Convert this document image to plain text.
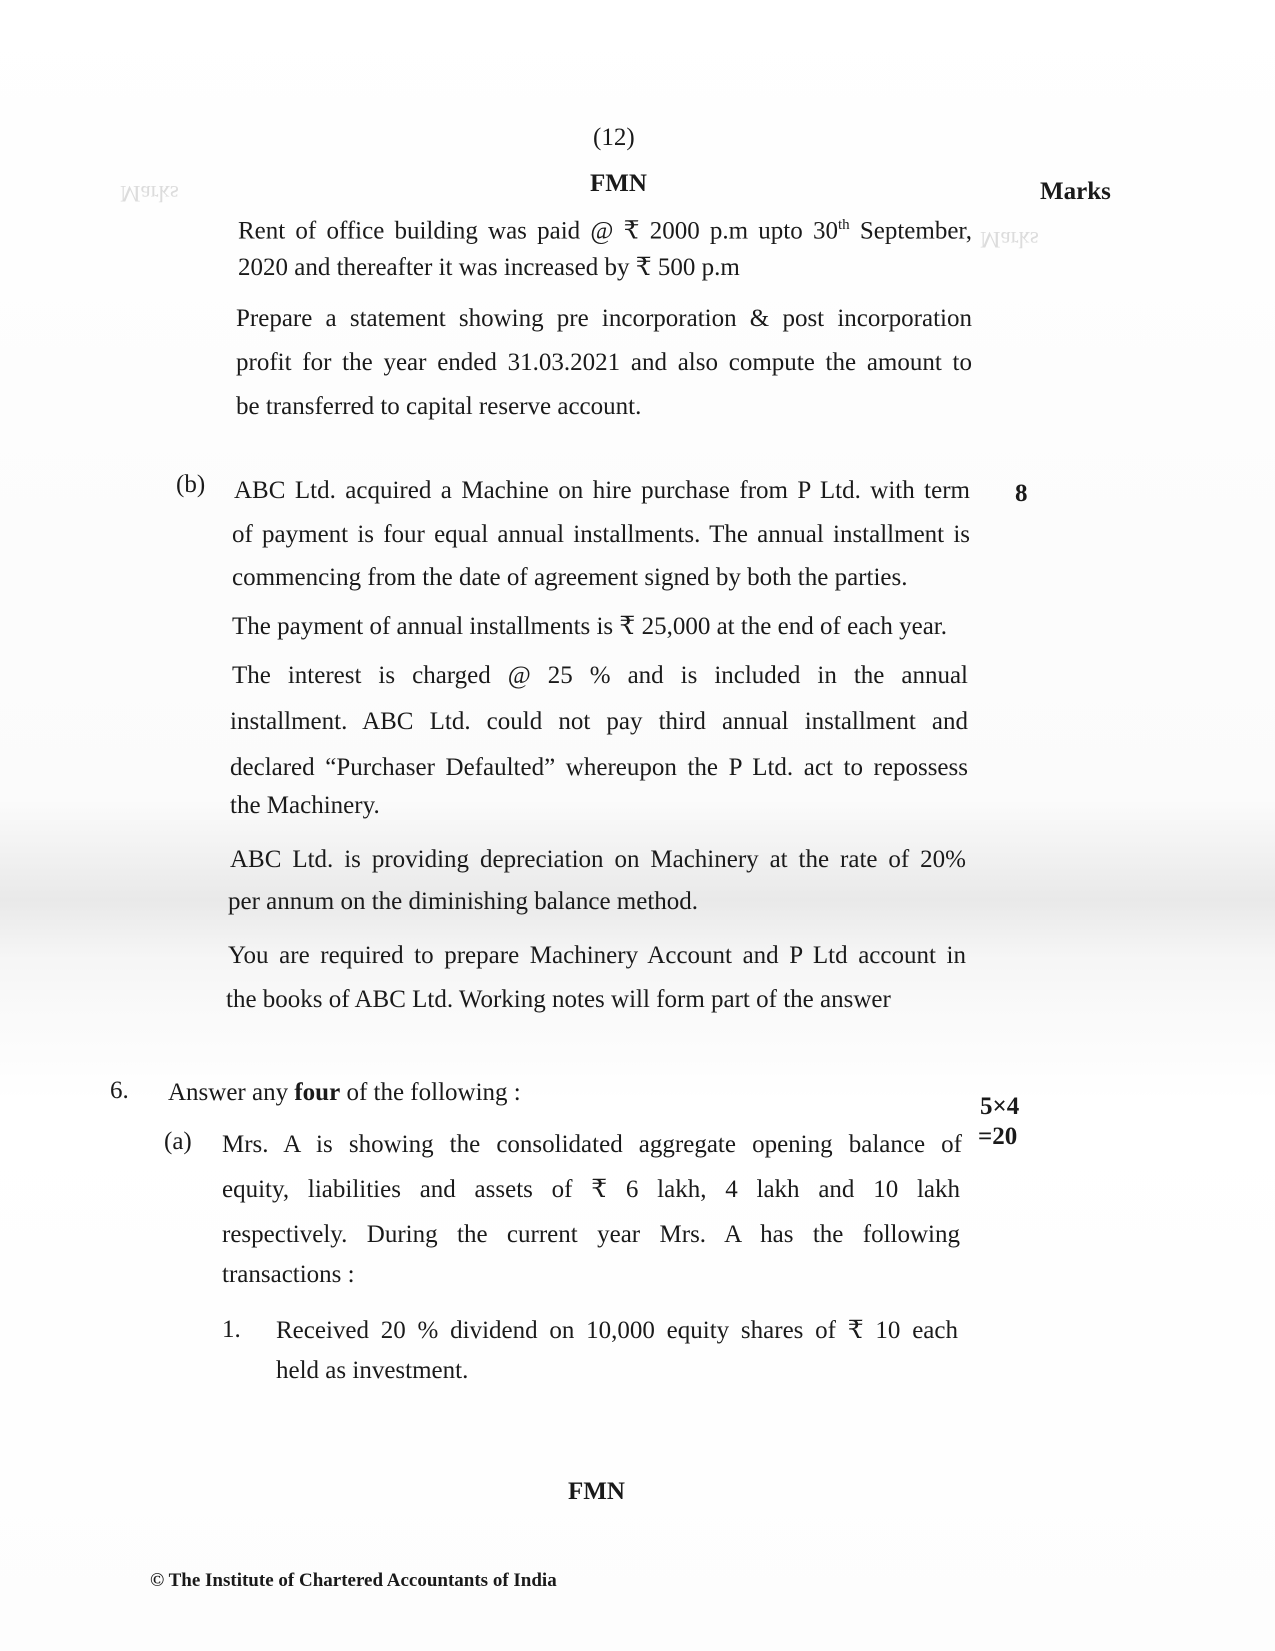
Marks
Marks
(12)
FMN	Marks
Rent of office building was paid @ ₹ 2000 p.m upto 30th September,
2020 and thereafter it was increased by ₹ 500 p.m
Prepare a statement showing pre incorporation & post incorporation
profit for the year ended 31.03.2021 and also compute the amount to
be transferred to capital reserve account.
(b)	8
ABC Ltd. acquired a Machine on hire purchase from P Ltd. with term
of payment is four equal annual installments. The annual installment is
commencing from the date of agreement signed by both the parties.
The payment of annual installments is ₹ 25,000 at the end of each year.
The interest is charged @ 25 % and is included in the annual
installment. ABC Ltd. could not pay third annual installment and
declared “Purchaser Defaulted” whereupon the P Ltd. act to repossess
the Machinery.
ABC Ltd. is providing depreciation on Machinery at the rate of 20%
per annum on the diminishing balance method.
You are required to prepare Machinery Account and P Ltd account in
the books of ABC Ltd. Working notes will form part of the answer
6. Answer any four of the following :
5×4
=20
(a) Mrs. A is showing the consolidated aggregate opening balance of
equity, liabilities and assets of ₹ 6 lakh, 4 lakh and 10 lakh
respectively. During the current year Mrs. A has the following
transactions :
1. Received 20 % dividend on 10,000 equity shares of ₹ 10 each
held as investment.
FMN
© The Institute of Chartered Accountants of India
